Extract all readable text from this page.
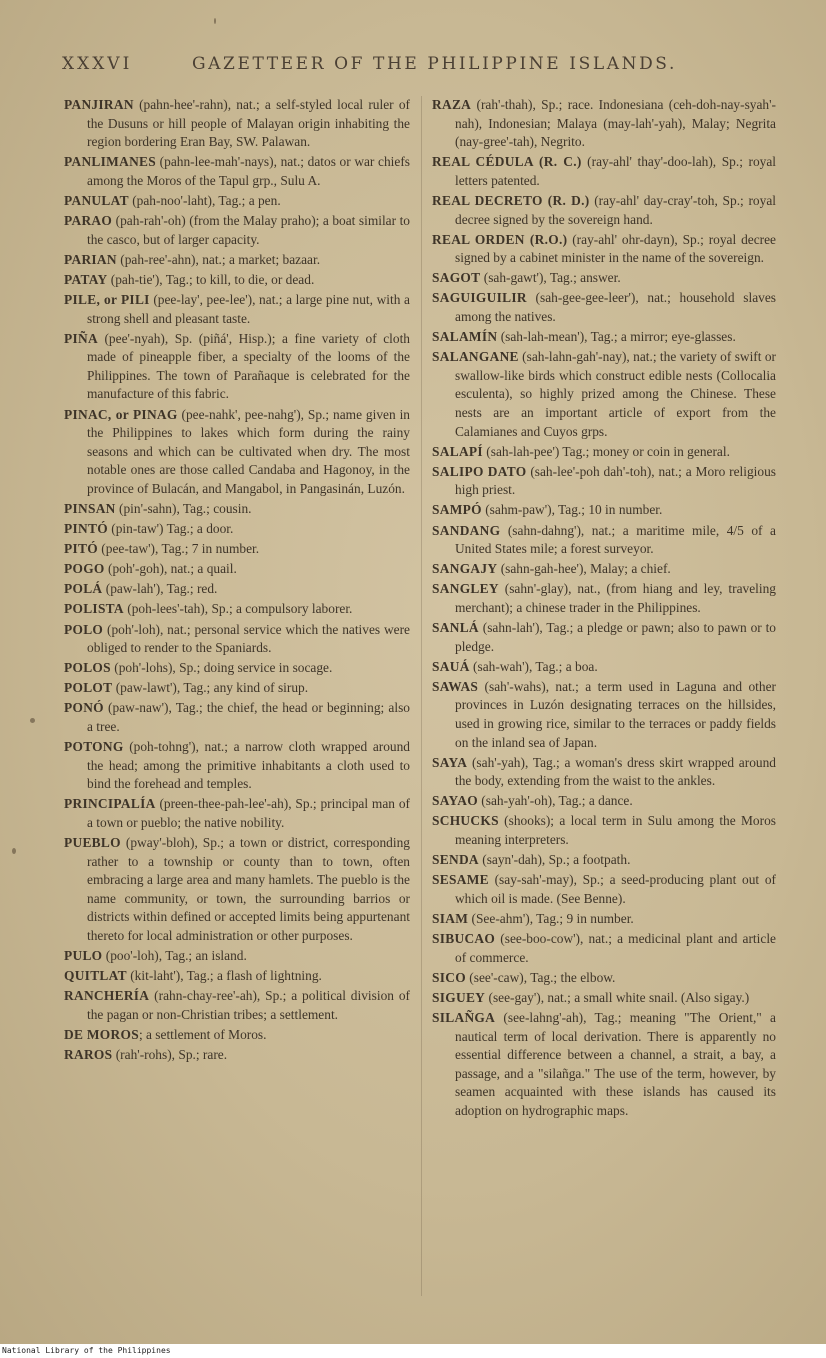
XXXVI	GAZETTEER OF THE PHILIPPINE ISLANDS.

PANJIRAN (pahn-hee'-rahn), nat.; a self-styled local ruler of the Dusuns or hill people of Malayan origin inhabiting the region bordering Eran Bay, SW. Palawan.

PANLIMANES (pahn-lee-mah'-nays), nat.; datos or war chiefs among the Moros of the Tapul grp., Sulu A.

PANULAT (pah-noo'-laht), Tag.; a pen.

PARAO (pah-rah'-oh) (from the Malay praho); a boat similar to the casco, but of larger capacity.

PARIAN (pah-ree'-ahn), nat.; a market; bazaar.

PATAY (pah-tie'), Tag.; to kill, to die, or dead.

PILE, or PILI (pee-lay', pee-lee'), nat.; a large pine nut, with a strong shell and pleasant taste.

PIÑA (pee'-nyah), Sp. (piñá', Hisp.); a fine variety of cloth made of pineapple fiber, a specialty of the looms of the Philippines. The town of Parañaque is celebrated for the manufacture of this fabric.

PINAC, or PINAG (pee-nahk', pee-nahg'), Sp.; name given in the Philippines to lakes which form during the rainy seasons and which can be cultivated when dry. The most notable ones are those called Candaba and Hagonoy, in the province of Bulacán, and Mangabol, in Pangasinán, Luzón.

PINSAN (pin'-sahn), Tag.; cousin.

PINTÓ (pin-taw') Tag.; a door.

PITÓ (pee-taw'), Tag.; 7 in number.

POGO (poh'-goh), nat.; a quail.

POLÁ (paw-lah'), Tag.; red.

POLISTA (poh-lees'-tah), Sp.; a compulsory laborer.

POLO (poh'-loh), nat.; personal service which the natives were obliged to render to the Spaniards.

POLOS (poh'-lohs), Sp.; doing service in socage.

POLOT (paw-lawt'), Tag.; any kind of sirup.

PONÓ (paw-naw'), Tag.; the chief, the head or beginning; also a tree.

POTONG (poh-tohng'), nat.; a narrow cloth wrapped around the head; among the primitive inhabitants a cloth used to bind the forehead and temples.

PRINCIPALÍA (preen-thee-pah-lee'-ah), Sp.; principal man of a town or pueblo; the native nobility.

PUEBLO (pway'-bloh), Sp.; a town or district, corresponding rather to a township or county than to town, often embracing a large area and many hamlets. The pueblo is the name community, or town, the surrounding barrios or districts within defined or accepted limits being appurtenant thereto for local administration or other purposes.

PULO (poo'-loh), Tag.; an island.

QUITLAT (kit-laht'), Tag.; a flash of lightning.

RANCHERÍA (rahn-chay-ree'-ah), Sp.; a political division of the pagan or non-Christian tribes; a settlement.

DE MOROS; a settlement of Moros.

RAROS (rah'-rohs), Sp.; rare.

RAZA (rah'-thah), Sp.; race. Indonesiana (ceh-doh-nay-syah'-nah), Indonesian; Malaya (may-lah'-yah), Malay; Negrita (nay-gree'-tah), Negrito.

REAL CÉDULA (R. C.) (ray-ahl' thay'-doo-lah), Sp.; royal letters patented.

REAL DECRETO (R. D.) (ray-ahl' day-cray'-toh, Sp.; royal decree signed by the sovereign hand.

REAL ORDEN (R.O.) (ray-ahl' ohr-dayn), Sp.; royal decree signed by a cabinet minister in the name of the sovereign.

SAGOT (sah-gawt'), Tag.; answer.

SAGUIGUILIR (sah-gee-gee-leer'), nat.; household slaves among the natives.

SALAMÍN (sah-lah-mean'), Tag.; a mirror; eye-glasses.

SALANGANE (sah-lahn-gah'-nay), nat.; the variety of swift or swallow-like birds which construct edible nests (Collocalia esculenta), so highly prized among the Chinese. These nests are an important article of export from the Calamianes and Cuyos grps.

SALAPÍ (sah-lah-pee') Tag.; money or coin in general.

SALIPO DATO (sah-lee'-poh dah'-toh), nat.; a Moro religious high priest.

SAMPÓ (sahm-paw'), Tag.; 10 in number.

SANDANG (sahn-dahng'), nat.; a maritime mile, 4/5 of a United States mile; a forest surveyor.

SANGAJY (sahn-gah-hee'), Malay; a chief.

SANGLEY (sahn'-glay), nat., (from hiang and ley, traveling merchant); a chinese trader in the Philippines.

SANLÁ (sahn-lah'), Tag.; a pledge or pawn; also to pawn or to pledge.

SAUÁ (sah-wah'), Tag.; a boa.

SAWAS (sah'-wahs), nat.; a term used in Laguna and other provinces in Luzón designating terraces on the hillsides, used in growing rice, similar to the terraces or paddy fields on the inland sea of Japan.

SAYA (sah'-yah), Tag.; a woman's dress skirt wrapped around the body, extending from the waist to the ankles.

SAYAO (sah-yah'-oh), Tag.; a dance.

SCHUCKS (shooks); a local term in Sulu among the Moros meaning interpreters.

SENDA (sayn'-dah), Sp.; a footpath.

SESAME (say-sah'-may), Sp.; a seed-producing plant out of which oil is made. (See Benne).

SIAM (See-ahm'), Tag.; 9 in number.

SIBUCAO (see-boo-cow'), nat.; a medicinal plant and article of commerce.

SICO (see'-caw), Tag.; the elbow.

SIGUEY (see-gay'), nat.; a small white snail. (Also sigay.)

SILAÑGA (see-lahng'-ah), Tag.; meaning "The Orient," a nautical term of local derivation. There is apparently no essential difference between a channel, a strait, a bay, a passage, and a "silañga." The use of the term, however, by seamen acquainted with these islands has caused its adoption on hydrographic maps.

National Library of the Philippines
